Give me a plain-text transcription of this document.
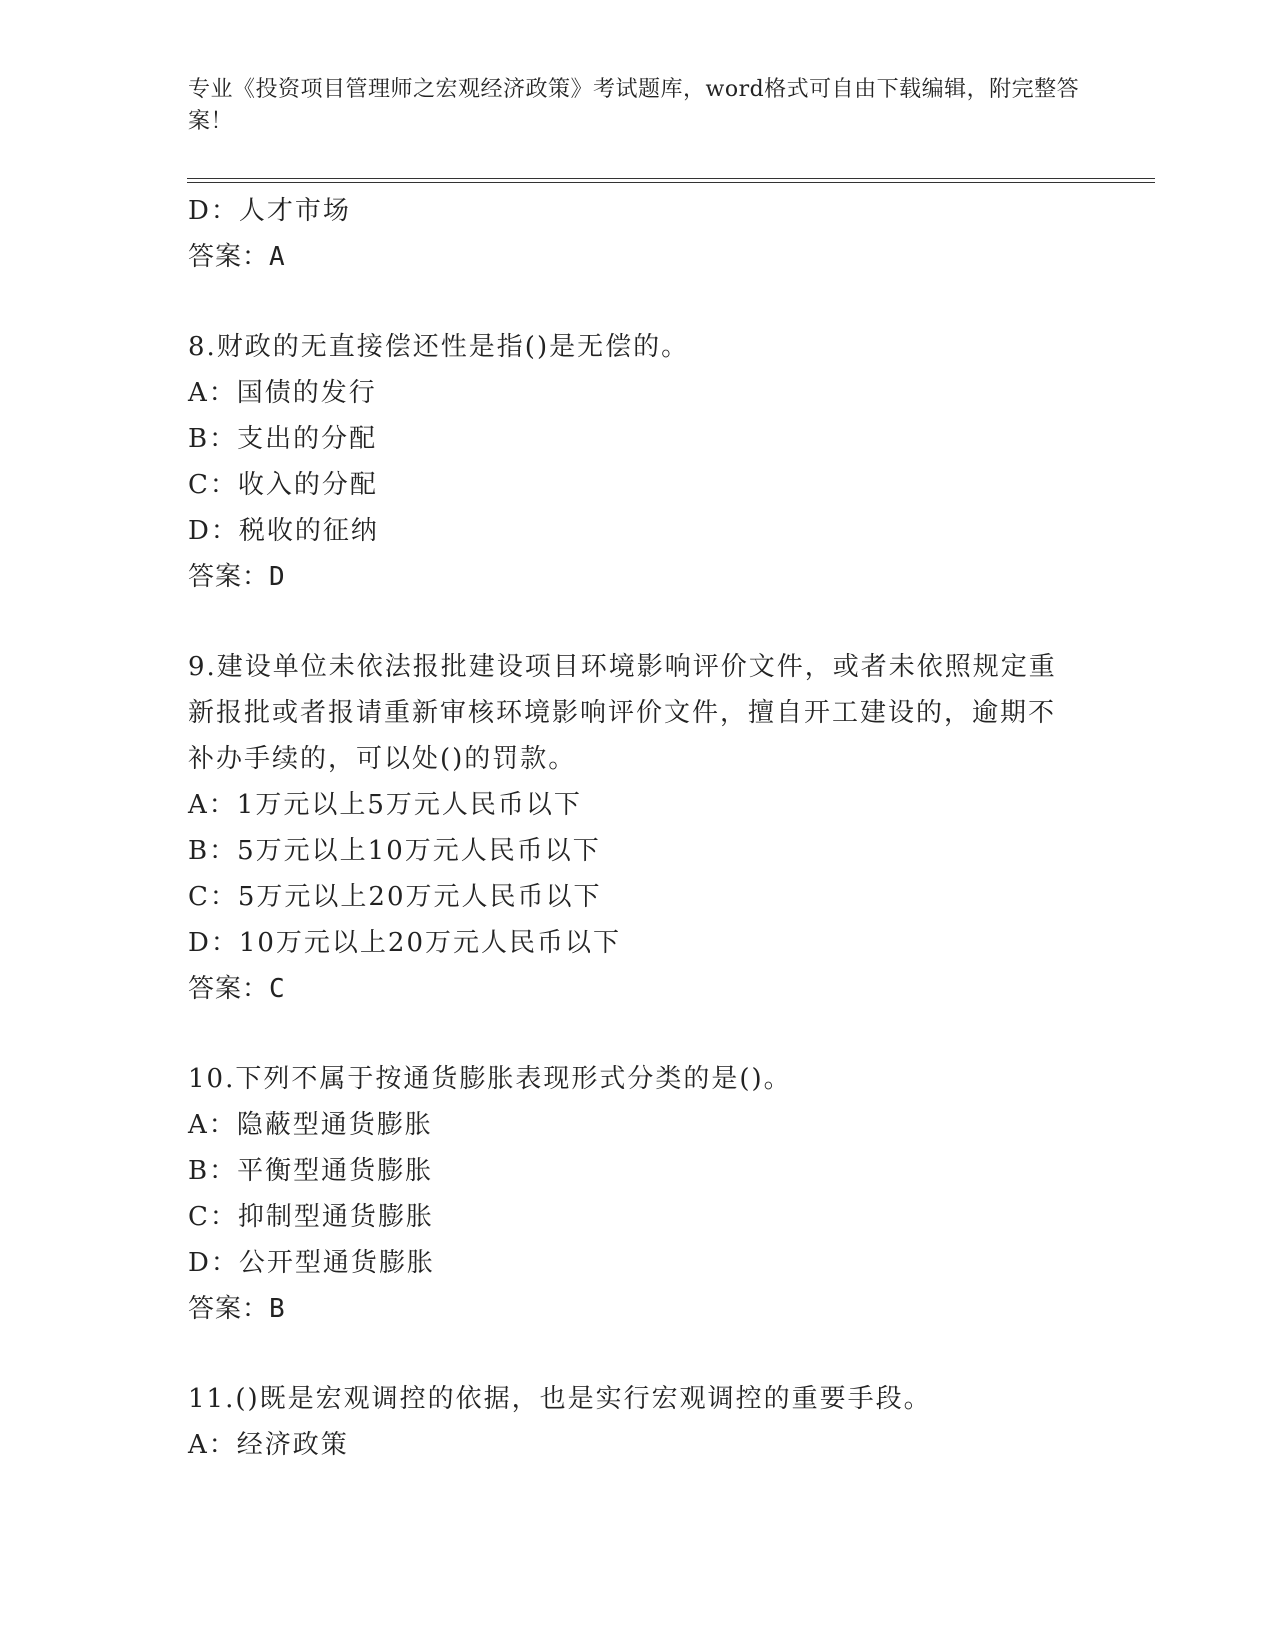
专业《投资项目管理师之宏观经济政策》考试题库，word格式可自由下载编辑，附完整答案！
D：人才市场
答案：A
8.财政的无直接偿还性是指()是无偿的。
A：国债的发行
B：支出的分配
C：收入的分配
D：税收的征纳
答案：D
9.建设单位未依法报批建设项目环境影响评价文件，或者未依照规定重新报批或者报请重新审核环境影响评价文件，擅自开工建设的，逾期不补办手续的，可以处()的罚款。
A：1万元以上5万元人民币以下
B：5万元以上10万元人民币以下
C：5万元以上20万元人民币以下
D：10万元以上20万元人民币以下
答案：C
10.下列不属于按通货膨胀表现形式分类的是()。
A：隐蔽型通货膨胀
B：平衡型通货膨胀
C：抑制型通货膨胀
D：公开型通货膨胀
答案：B
11.()既是宏观调控的依据，也是实行宏观调控的重要手段。
A：经济政策
